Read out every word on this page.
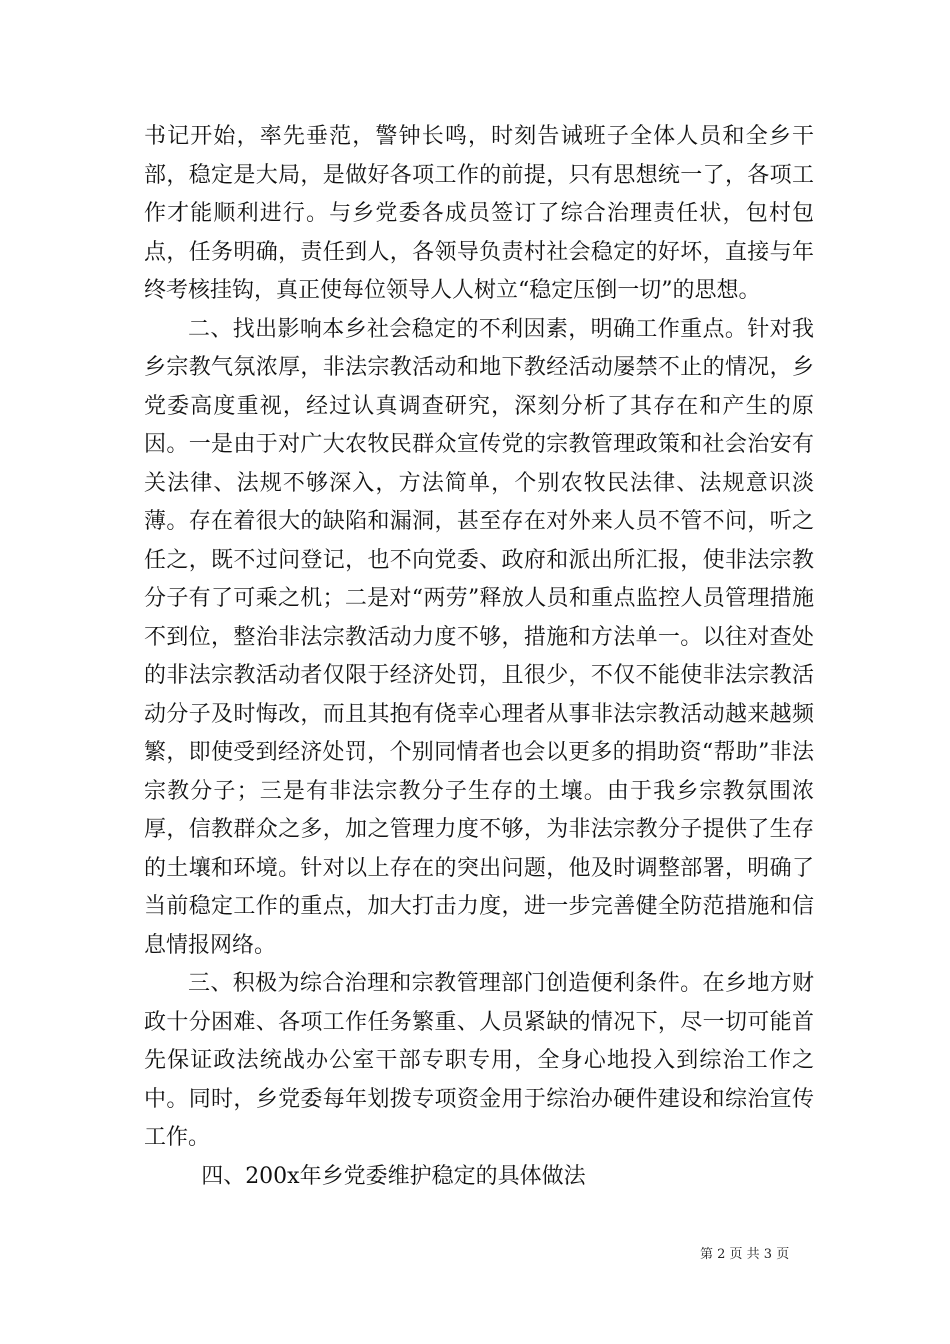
书记开始，率先垂范，警钟长鸣，时刻告诫班子全体人员和全乡干部，稳定是大局，是做好各项工作的前提，只有思想统一了，各项工作才能顺利进行。与乡党委各成员签订了综合治理责任状，包村包点，任务明确，责任到人，各领导负责村社会稳定的好坏，直接与年终考核挂钩，真正使每位领导人人树立“稳定压倒一切”的思想。

二、找出影响本乡社会稳定的不利因素，明确工作重点。针对我乡宗教气氛浓厚，非法宗教活动和地下教经活动屡禁不止的情况，乡党委高度重视，经过认真调查研究，深刻分析了其存在和产生的原因。一是由于对广大农牧民群众宣传党的宗教管理政策和社会治安有关法律、法规不够深入，方法简单，个别农牧民法律、法规意识淡薄。存在着很大的缺陷和漏洞，甚至存在对外来人员不管不问，听之任之，既不过问登记，也不向党委、政府和派出所汇报，使非法宗教分子有了可乘之机；二是对“两劳”释放人员和重点监控人员管理措施不到位，整治非法宗教活动力度不够，措施和方法单一。以往对查处的非法宗教活动者仅限于经济处罚，且很少，不仅不能使非法宗教活动分子及时悔改，而且其抱有侥幸心理者从事非法宗教活动越来越频繁，即使受到经济处罚，个别同情者也会以更多的捐助资“帮助”非法宗教分子；三是有非法宗教分子生存的土壤。由于我乡宗教氛围浓厚，信教群众之多，加之管理力度不够，为非法宗教分子提供了生存的土壤和环境。针对以上存在的突出问题，他及时调整部署，明确了当前稳定工作的重点，加大打击力度，进一步完善健全防范措施和信息情报网络。

三、积极为综合治理和宗教管理部门创造便利条件。在乡地方财政十分困难、各项工作任务繁重、人员紧缺的情况下，尽一切可能首先保证政法统战办公室干部专职专用，全身心地投入到综治工作之中。同时，乡党委每年划拨专项资金用于综治办硬件建设和综治宣传工作。

四、200x年乡党委维护稳定的具体做法

第 2 页 共 3 页
